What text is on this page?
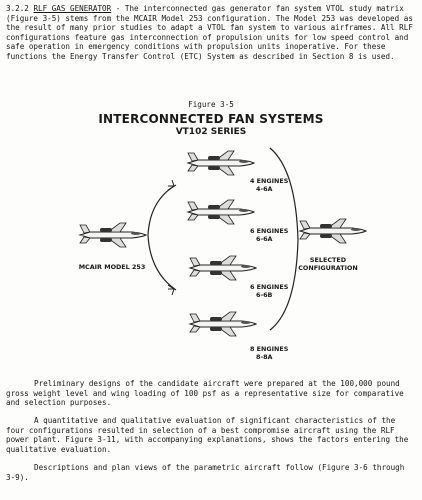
3.2.2 RLF GAS GENERATOR - The interconnected gas generator fan system VTOL study matrix (Figure 3-5) stems from the MCAIR Model 253 configuration. The Model 253 was developed as the result of many prior studies to adapt a VTOL fan system to various airframes. All RLF configurations feature gas interconnection of propulsion units for low speed control and safe operation in emergency conditions with propulsion units inoperative. For these functions the Energy Transfer Control (ETC) System as described in Section 8 is used.

Figure 3-5

INTERCONNECTED FAN SYSTEMS

VT102 SERIES

MCAIR MODEL 253
4 ENGINES
4-6A
6 ENGINES
6-6A
6 ENGINES
6-6B
8 ENGINES
8-8A
SELECTED
CONFIGURATION

Preliminary designs of the candidate aircraft were prepared at the 100,000 pound gross weight level and wing loading of 100 psf as a representative size for comparative and selection purposes.

A quantitative and qualitative evaluation of significant characteristics of the four configurations resulted in selection of a best compromise aircraft using the RLF power plant. Figure 3-11, with accompanying explanations, shows the factors entering the qualitative evaluation.

Descriptions and plan views of the parametric aircraft follow (Figure 3-6 through 3-9).
